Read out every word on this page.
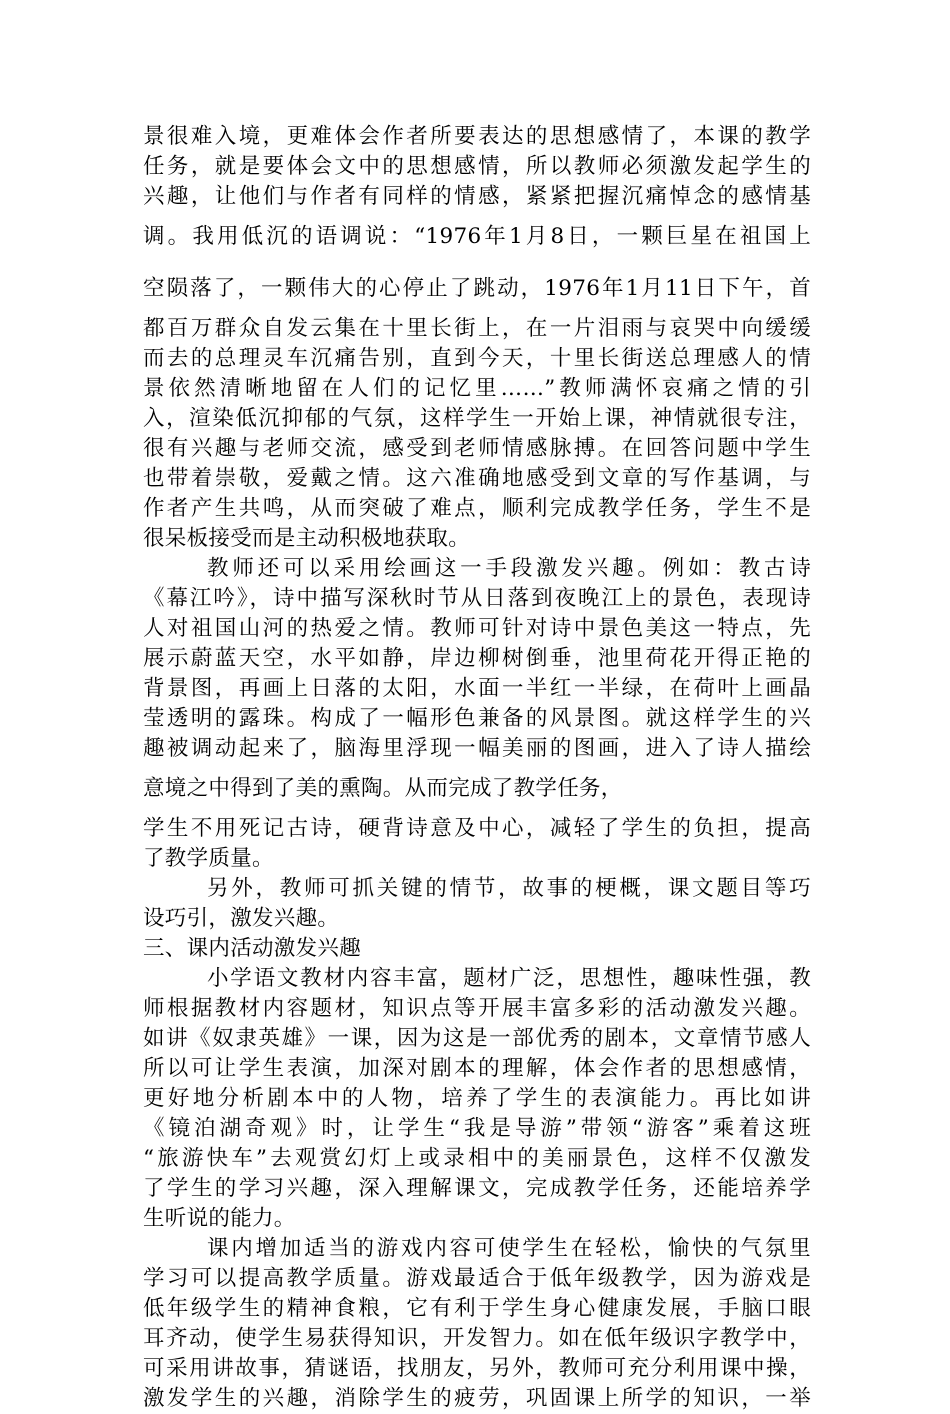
景很难入境，更难体会作者所要表达的思想感情了，本课的教学
任务，就是要体会文中的思想感情，所以教师必须激发起学生的
兴趣，让他们与作者有同样的情感，紧紧把握沉痛悼念的感情基
调。我用低沉的语调说：“1976年1月8日，一颗巨星在祖国上
空陨落了，一颗伟大的心停止了跳动，1976年1月11日下午，首
都百万群众自发云集在十里长街上，在一片泪雨与哀哭中向缓缓
而去的总理灵车沉痛告别，直到今天，十里长街送总理感人的情
景依然清晰地留在人们的记忆里……”教师满怀哀痛之情的引
入，渲染低沉抑郁的气氛，这样学生一开始上课，神情就很专注，
很有兴趣与老师交流，感受到老师情感脉搏。在回答问题中学生
也带着崇敬，爱戴之情。这六准确地感受到文章的写作基调，与
作者产生共鸣，从而突破了难点，顺利完成教学任务，学生不是
很呆板接受而是主动积极地获取。
教师还可以采用绘画这一手段激发兴趣。例如：教古诗
《幕江吟》，诗中描写深秋时节从日落到夜晚江上的景色，表现诗
人对祖国山河的热爱之情。教师可针对诗中景色美这一特点，先
展示蔚蓝天空，水平如静，岸边柳树倒垂，池里荷花开得正艳的
背景图，再画上日落的太阳，水面一半红一半绿，在荷叶上画晶
莹透明的露珠。构成了一幅形色兼备的风景图。就这样学生的兴
趣被调动起来了，脑海里浮现一幅美丽的图画，进入了诗人描绘
意境之中得到了美的熏陶。从而完成了教学任务，
学生不用死记古诗，硬背诗意及中心，减轻了学生的负担，提高
了教学质量。
另外，教师可抓关键的情节，故事的梗概，课文题目等巧
设巧引，激发兴趣。
三、课内活动激发兴趣
小学语文教材内容丰富，题材广泛，思想性，趣味性强，教
师根据教材内容题材，知识点等开展丰富多彩的活动激发兴趣。
如讲《奴隶英雄》一课，因为这是一部优秀的剧本，文章情节感人
所以可让学生表演，加深对剧本的理解，体会作者的思想感情，
更好地分析剧本中的人物，培养了学生的表演能力。再比如讲
《镜泊湖奇观》时，让学生“我是导游”带领“游客”乘着这班
“旅游快车”去观赏幻灯上或录相中的美丽景色，这样不仅激发
了学生的学习兴趣，深入理解课文，完成教学任务，还能培养学
生听说的能力。
课内增加适当的游戏内容可使学生在轻松，愉快的气氛里
学习可以提高教学质量。游戏最适合于低年级教学，因为游戏是
低年级学生的精神食粮，它有利于学生身心健康发展，手脑口眼
耳齐动，使学生易获得知识，开发智力。如在低年级识字教学中，
可采用讲故事，猜谜语，找朋友，另外，教师可充分利用课中操，
激发学生的兴趣，消除学生的疲劳，巩固课上所学的知识，一举
